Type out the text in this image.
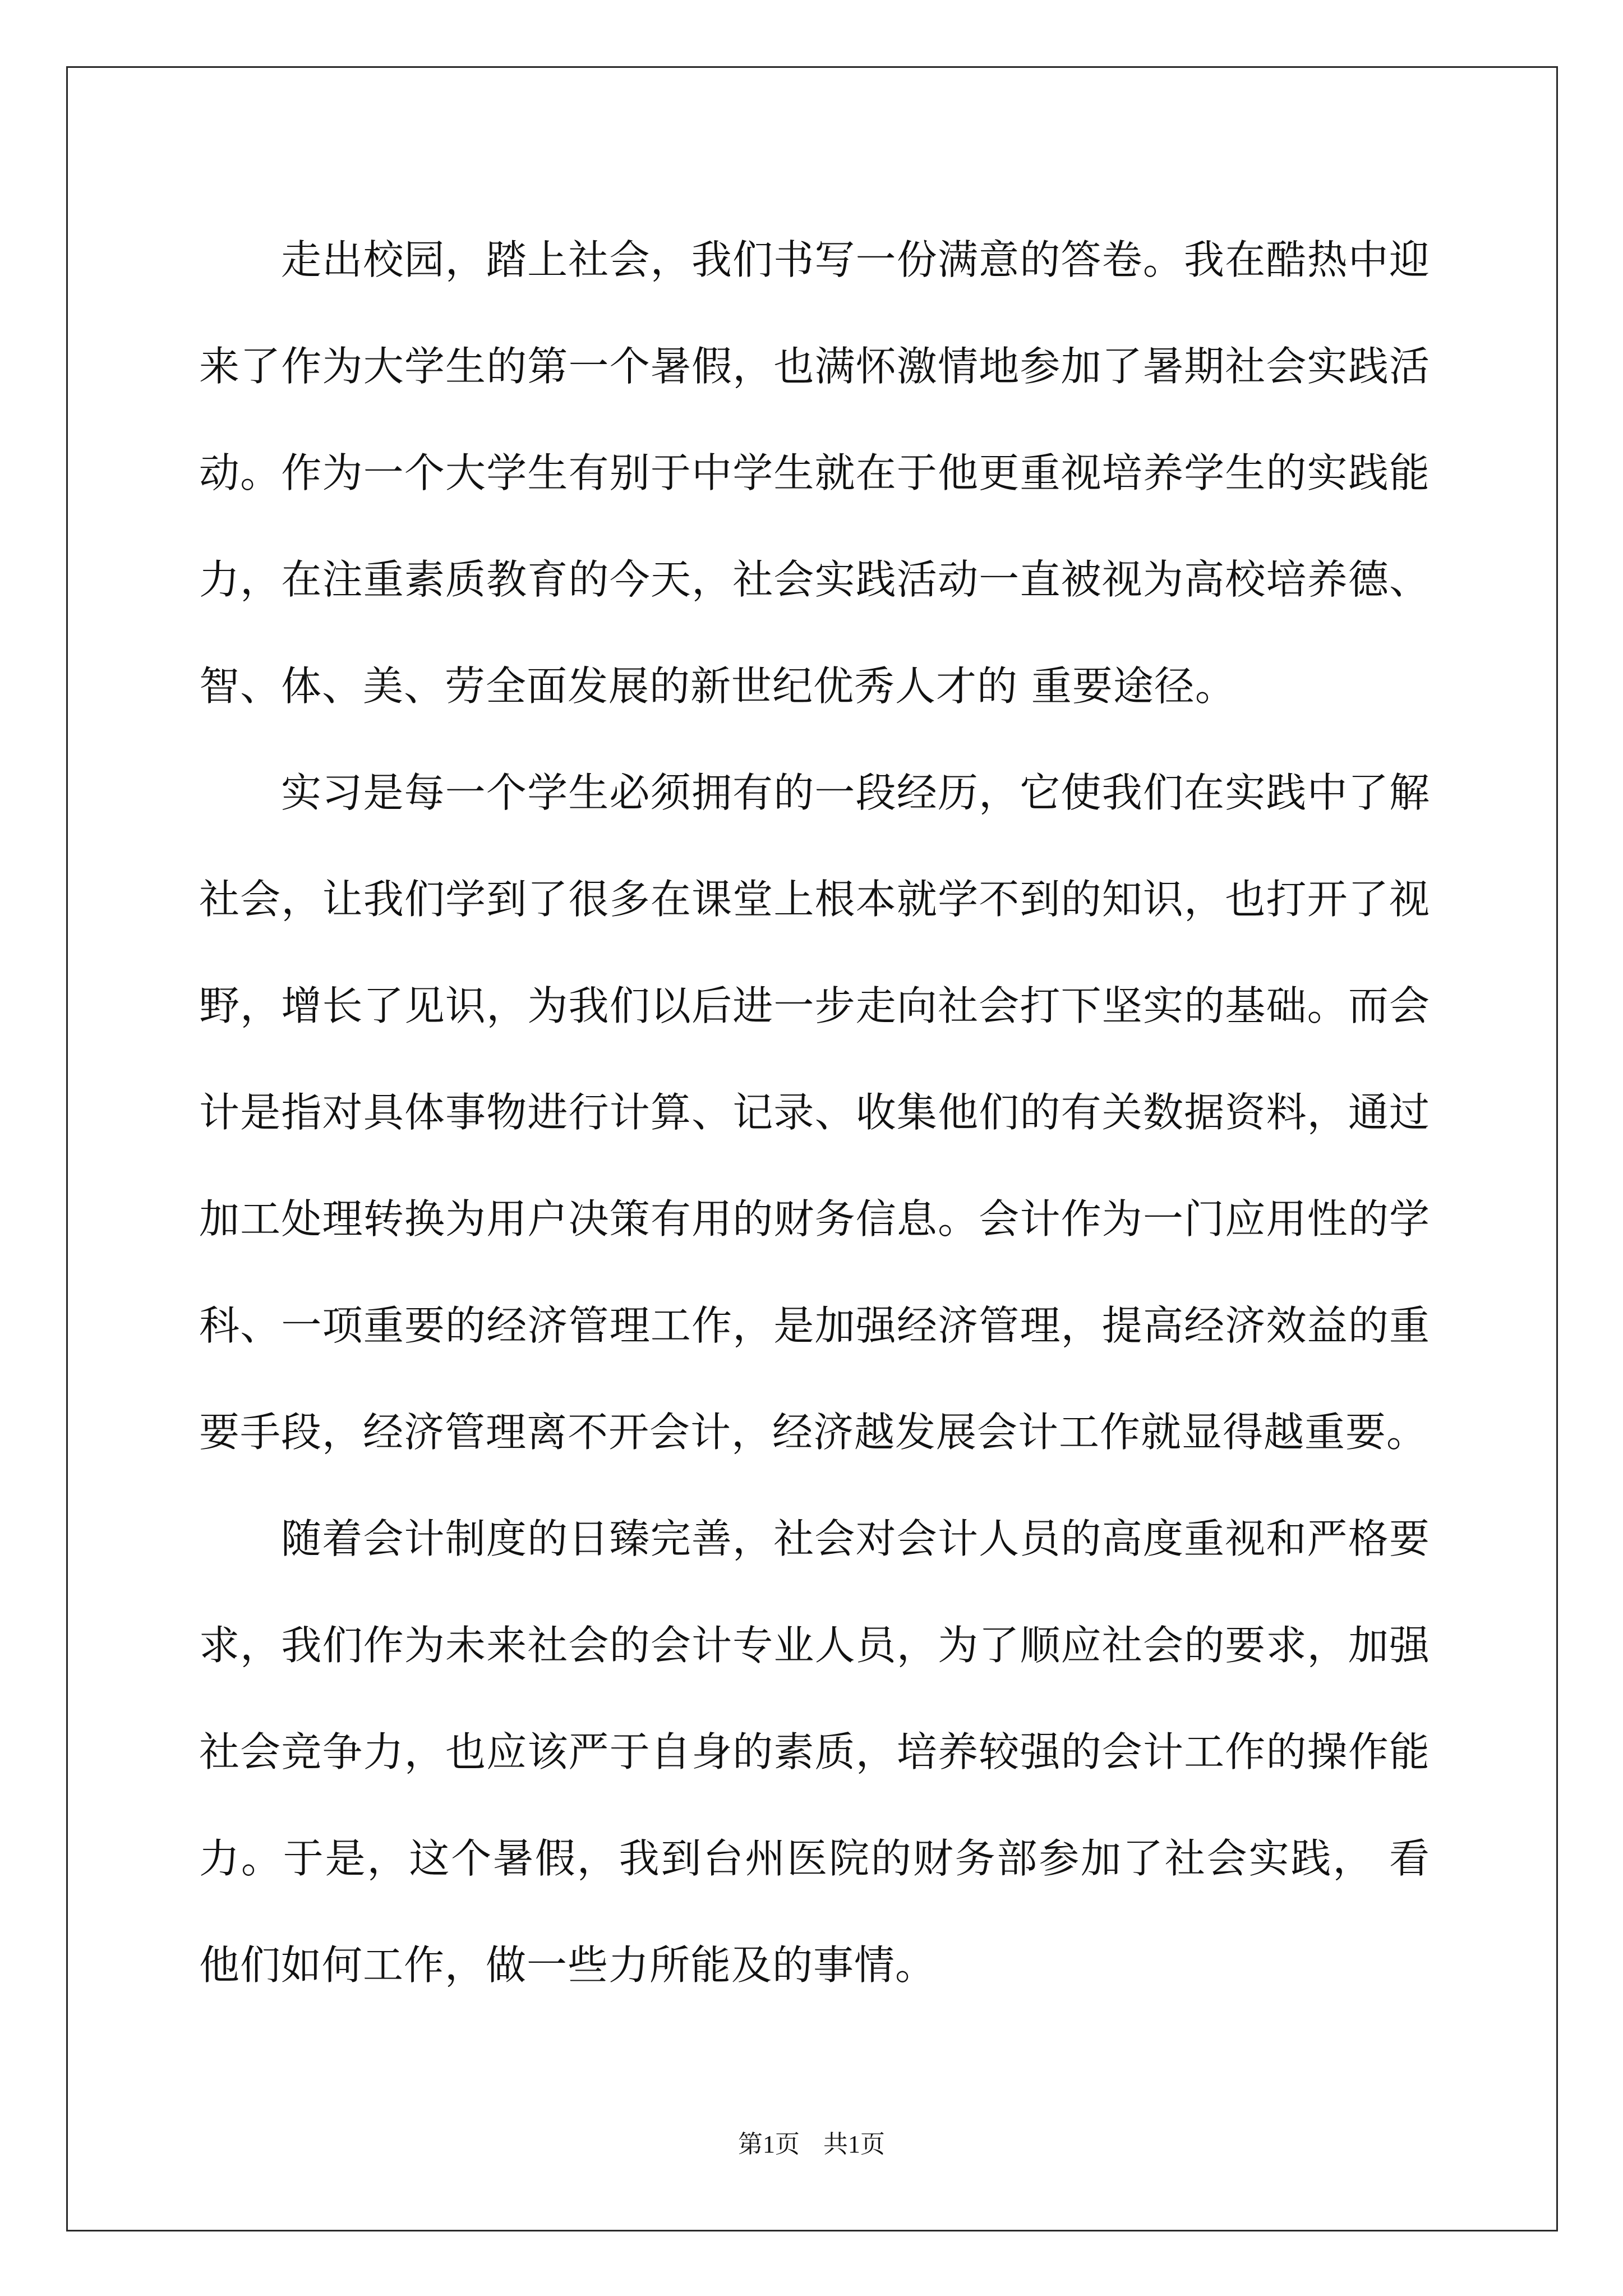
走出校园，踏上社会，我们书写一份满意的答卷。我在酷热中迎来了作为大学生的第一个暑假，也满怀激情地参加了暑期社会实践活动。作为一个大学生有别于中学生就在于他更重视培养学生的实践能力，在注重素质教育的今天，社会实践活动一直被视为高校培养德、智、体、美、劳全面发展的新世纪优秀人才的 重要途径。

实习是每一个学生必须拥有的一段经历，它使我们在实践中了解社会，让我们学到了很多在课堂上根本就学不到的知识，也打开了视野，增长了见识，为我们以后进一步走向社会打下坚实的基础。而会计是指对具体事物进行计算、记录、收集他们的有关数据资料，通过加工处理转换为用户决策有用的财务信息。会计作为一门应用性的学科、一项重要的经济管理工作，是加强经济管理，提高经济效益的重要手段，经济管理离不开会计，经济越发展会计工作就显得越重要。

随着会计制度的日臻完善，社会对会计人员的高度重视和严格要求，我们作为未来社会的会计专业人员，为了顺应社会的要求，加强社会竞争力，也应该严于自身的素质，培养较强的会计工作的操作能力。于是，这个暑假，我到台州医院的财务部参加了社会实践， 看他们如何工作，做一些力所能及的事情。

第1页 共1页
